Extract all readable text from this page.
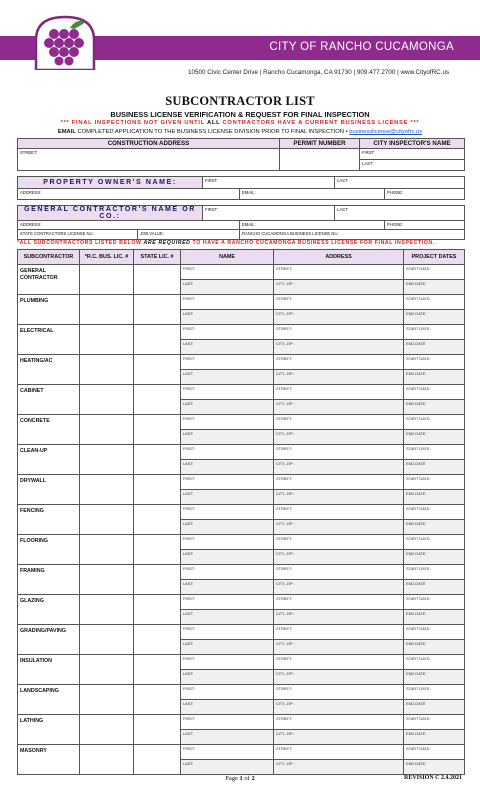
CITY OF RANCHO CUCAMONGA
10500 Civic Center Drive | Rancho Cucamonga, CA 91730 | 909.477.2700 | www.CityofRC.us
SUBCONTRACTOR LIST
BUSINESS LICENSE VERIFICATION & REQUEST FOR FINAL INSPECTION
*** FINAL INSPECTIONS NOT GIVEN UNTIL ALL CONTRACTORS HAVE A CURRENT BUSINESS LICENSE ***
EMAIL COMPLETED APPLICATION TO THE BUSINESS LICENSE DIVISION PRIOR TO FINAL INSPECTION • businesslicense@cityofrc.us
CONSTRUCTION ADDRESS	PERMIT NUMBER	CITY INSPECTOR'S NAME
STREET:		FIRST:
		LAST:
PROPERTY OWNER'S NAME:	FIRST:		LAST:	
ADDRESS:		EMAIL:		PHONE:
GENERAL CONTRACTOR'S NAME OR CO.:		FIRST:		LAST:	
ADDRESS:			EMAIL:		PHONE:
STATE CONTRACTORS LICENSE No.:	JOB VALUE:		RANCHO CUCAMONGA BUSINESS LICENSE No.:		
*ALL SUBCONTRACTORS LISTED BELOW ARE REQUIRED TO HAVE A RANCHO CUCAMONGA BUSINESS LICENSE FOR FINAL INSPECTION.
SUBCONTRACTOR	*R.C. BUS. LIC. #	STATE LIC. #	NAME	ADDRESS	PROJECT DATES
GENERAL CONTRACTOR			FIRST:	STREET:	START DATE:
			LAST:	CITY, ZIP:	END DATE:
PLUMBING			FIRST:	STREET:	START DATE:
			LAST:	CITY, ZIP:	END DATE:
ELECTRICAL			FIRST:	STREET:	START DATE:
			LAST:	CITY, ZIP:	END DATE:
HEATING/AC			FIRST:	STREET:	START DATE:
			LAST:	CITY, ZIP:	END DATE:
CABINET			FIRST:	STREET:	START DATE:
			LAST:	CITY, ZIP:	END DATE:
CONCRETE			FIRST:	STREET:	START DATE:
			LAST:	CITY, ZIP:	END DATE:
CLEAN-UP			FIRST:	STREET:	START DATE:
			LAST:	CITY, ZIP:	END DATE:
DRYWALL			FIRST:	STREET:	START DATE:
			LAST:	CITY, ZIP:	END DATE:
FENCING			FIRST:	STREET:	START DATE:
			LAST:	CITY, ZIP:	END DATE:
FLOORING			FIRST:	STREET:	START DATE:
			LAST:	CITY, ZIP:	END DATE:
FRAMING			FIRST:	STREET:	START DATE:
			LAST:	CITY, ZIP:	END DATE:
GLAZING			FIRST:	STREET:	START DATE:
			LAST:	CITY, ZIP:	END DATE:
GRADING/PAVING			FIRST:	STREET:	START DATE:
			LAST:	CITY, ZIP:	END DATE:
INSULATION			FIRST:	STREET:	START DATE:
			LAST:	CITY, ZIP:	END DATE:
LANDSCAPING			FIRST:	STREET:	START DATE:
			LAST:	CITY, ZIP:	END DATE:
LATHING			FIRST:	STREET:	START DATE:
			LAST:	CITY, ZIP:	END DATE:
MASONRY			FIRST:	STREET:	START DATE:
			LAST:	CITY, ZIP:	END DATE:
Page 1 of 2	REVISION C 2.4.2021
